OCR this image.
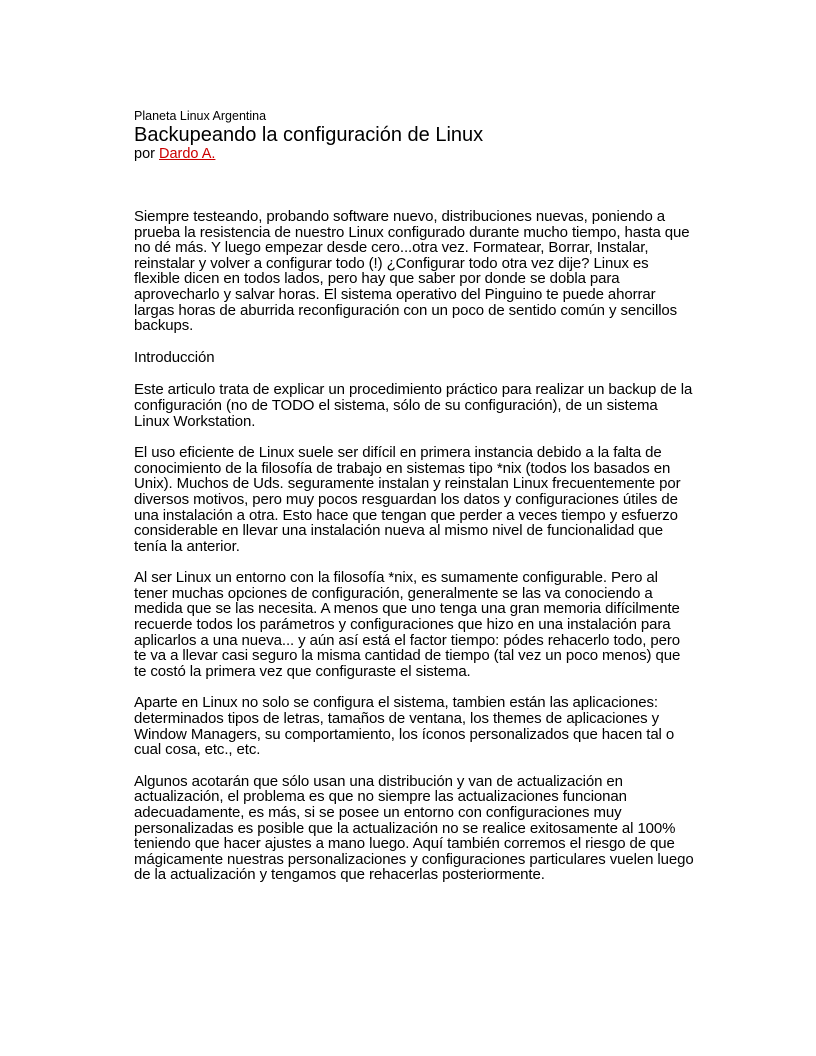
Planeta Linux Argentina

Backupeando la configuración de Linux

por Dardo A.

Siempre testeando, probando software nuevo, distribuciones nuevas, poniendo a prueba la resistencia de nuestro Linux configurado durante mucho tiempo, hasta que no dé más. Y luego empezar desde cero...otra vez. Formatear, Borrar, Instalar, reinstalar y volver a configurar todo (!) ¿Configurar todo otra vez dije? Linux es flexible dicen en todos lados, pero hay que saber por donde se dobla para aprovecharlo y salvar horas. El sistema operativo del Pinguino te puede ahorrar largas horas de aburrida reconfiguración con un poco de sentido común y sencillos backups.

Introducción

Este articulo trata de explicar un procedimiento práctico para realizar un backup de la configuración (no de TODO el sistema, sólo de su configuración), de un sistema Linux Workstation.

El uso eficiente de Linux suele ser difícil en primera instancia debido a la falta de conocimiento de la filosofía de trabajo en sistemas tipo *nix (todos los basados en Unix). Muchos de Uds. seguramente instalan y reinstalan Linux frecuentemente por diversos motivos, pero muy pocos resguardan los datos y configuraciones útiles de una instalación a otra. Esto hace que tengan que perder a veces tiempo y esfuerzo considerable en llevar una instalación nueva al mismo nivel de funcionalidad que tenía la anterior.

Al ser Linux un entorno con la filosofía *nix, es sumamente configurable. Pero al tener muchas opciones de configuración, generalmente se las va conociendo a medida que se las necesita. A menos que uno tenga una gran memoria difícilmente recuerde todos los parámetros y configuraciones que hizo en una instalación para aplicarlos a una nueva... y aún así está el factor tiempo: pódes rehacerlo todo, pero te va a llevar casi seguro la misma cantidad de tiempo (tal vez un poco menos) que te costó la primera vez que configuraste el sistema.

Aparte en Linux no solo se configura el sistema, tambien están las aplicaciones: determinados tipos de letras, tamaños de ventana, los themes de aplicaciones y Window Managers, su comportamiento, los íconos personalizados que hacen tal o cual cosa, etc., etc.

Algunos acotarán que sólo usan una distribución y van de actualización en actualización, el problema es que no siempre las actualizaciones funcionan adecuadamente, es más, si se posee un entorno con configuraciones muy personalizadas es posible que la actualización no se realice exitosamente al 100% teniendo que hacer ajustes a mano luego. Aquí también corremos el riesgo de que mágicamente nuestras personalizaciones y configuraciones particulares vuelen luego de la actualización y tengamos que rehacerlas posteriormente.
